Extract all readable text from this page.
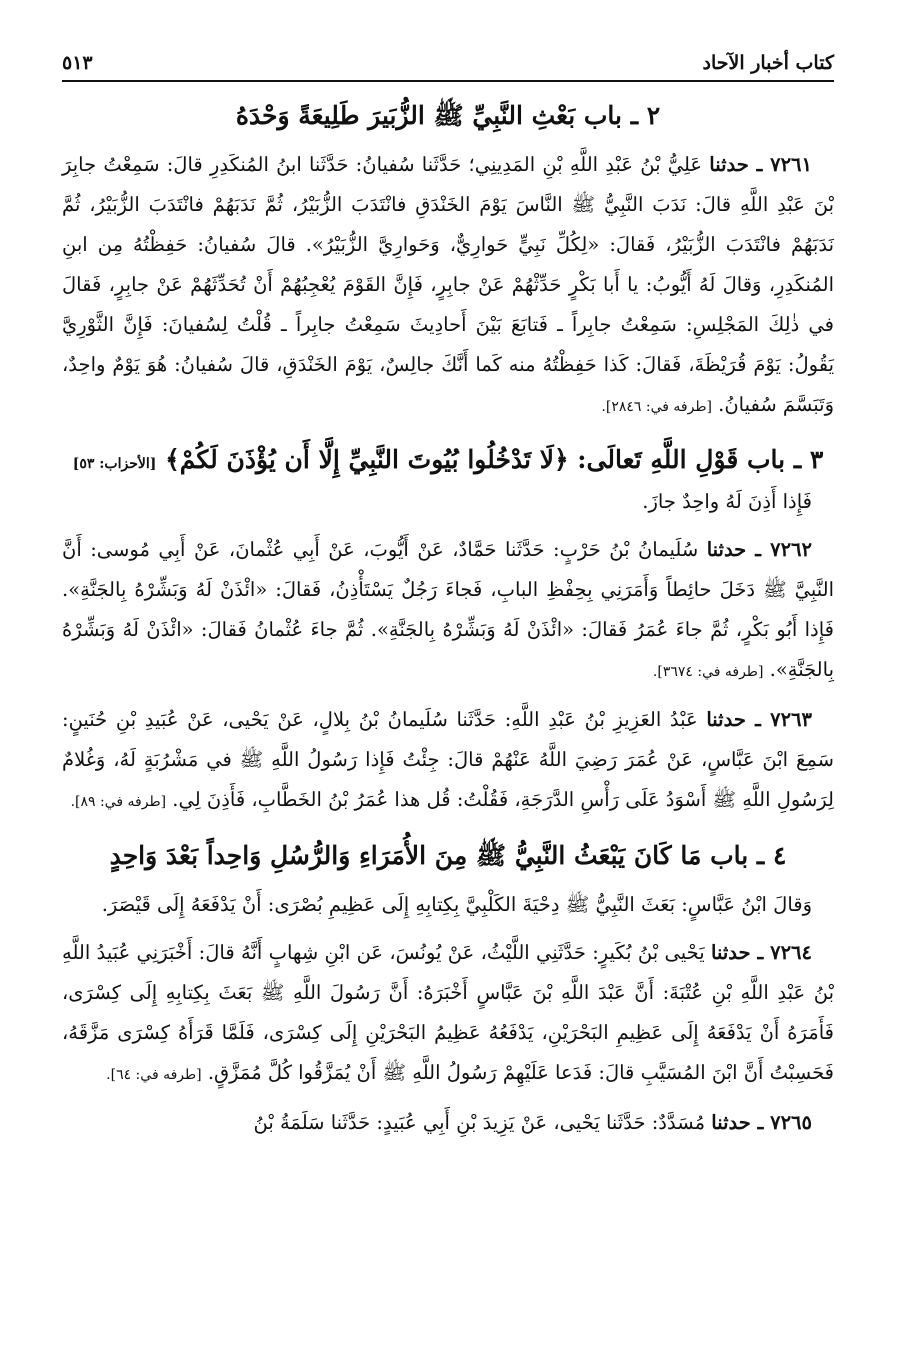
كتاب أخبار الآحاد
٥١٣
٢ ـ باب بَعْثِ النَّبِيِّ ﷺ الزُّبَيرَ طَلِيعَةً وَحْدَهُ

٧٢٦١ ـ حدثنا عَلِيُّ بْنُ عَبْدِ اللَّهِ بْنِ المَدِينِي؛ حَدَّثَنا سُفيانُ: حَدَّثَنا ابنُ المُنكَدِرِ قالَ: سَمِعْتُ جابِرَ بْنَ عَبْدِ اللَّهِ قالَ: نَدَبَ النَّبِيُّ ﷺ النَّاسَ يَوْمَ الخَنْدَقِ فانْتَدَبَ الزُّبَيْرُ، ثُمَّ نَدَبَهُمْ فانْتَدَبَ الزُّبَيْرُ، ثُمَّ نَدَبَهُمْ فانْتَدَبَ الزُّبَيْرُ، فَقالَ: «لِكُلِّ نَبِيٍّ حَوارِيٌّ، وَحَوارِيَّ الزُّبَيْرُ». قالَ سُفيانُ: حَفِظْتُهُ مِن ابنِ المُنكَدِرِ، وَقالَ لَهُ أَيُّوبُ: يا أَبا بَكْرٍ حَدِّثْهُمْ عَنْ جابِرٍ، فَإِنَّ القَوْمَ يُعْجِبُهُمْ أَنْ تُحَدِّثَهُمْ عَنْ جابِرٍ، فَقالَ في ذٰلِكَ المَجْلِسِ: سَمِعْتُ جابِراً ـ فَتابَعَ بَيْنَ أَحادِيثَ سَمِعْتُ جابِراً ـ قُلْتُ لِسُفيانَ: فَإِنَّ الثَّوْرِيَّ يَقُولُ: يَوْمَ قُرَيْظَةَ، فَقالَ: كَذا حَفِظْتُهُ منه كَما أَنَّكَ جالِسٌ، يَوْمَ الخَنْدَقِ، قالَ سُفيانُ: هُوَ يَوْمٌ واحِدٌ، وَتَبَسَّمَ سُفيانُ. [طرفه في: ٢٨٤٦].

٣ ـ باب قَوْلِ اللَّهِ تَعالَى: ﴿لَا تَدْخُلُوا بُيُوتَ النَّبِيِّ إِلَّا أَن يُؤْذَنَ لَكُمْ﴾ [الأحزاب: ٥٣]

فَإِذا أَذِنَ لَهُ واحِدٌ جازَ.

٧٢٦٢ ـ حدثنا سُلَيمانُ بْنُ حَرْبٍ: حَدَّثَنا حَمَّادٌ، عَنْ أَيُّوبَ، عَنْ أَبِي عُثْمانَ، عَنْ أَبِي مُوسى: أَنَّ النَّبِيَّ ﷺ دَخَلَ حائِطاً وَأَمَرَنِي بِحِفْظِ البابِ، فَجاءَ رَجُلٌ يَسْتَأْذِنُ، فَقالَ: «ائْذَنْ لَهُ وَبَشِّرْهُ بِالجَنَّةِ». فَإِذا أَبُو بَكْرٍ، ثُمَّ جاءَ عُمَرُ فَقالَ: «ائْذَنْ لَهُ وَبَشِّرْهُ بِالجَنَّةِ». ثُمَّ جاءَ عُثْمانُ فَقالَ: «ائْذَنْ لَهُ وَبَشِّرْهُ بِالجَنَّةِ». [طرفه في: ٣٦٧٤].

٧٢٦٣ ـ حدثنا عَبْدُ العَزِيزِ بْنُ عَبْدِ اللَّهِ: حَدَّثَنا سُلَيمانُ بْنُ بِلالٍ، عَنْ يَحْيى، عَنْ عُبَيدِ بْنِ حُنَينٍ: سَمِعَ ابْنَ عَبَّاسٍ، عَنْ عُمَرَ رَضِيَ اللَّهُ عَنْهُمْ قالَ: جِئْتُ فَإِذا رَسُولُ اللَّهِ ﷺ في مَشْرُبَةٍ لَهُ، وَغُلامٌ لِرَسُولِ اللَّهِ ﷺ أَسْوَدُ عَلَى رَأْسِ الدَّرَجَةِ، فَقُلْتُ: قُل هذا عُمَرُ بْنُ الخَطَّابِ، فَأَذِنَ لِي. [طرفه في: ٨٩].

٤ ـ باب مَا كَانَ يَبْعَثُ النَّبِيُّ ﷺ مِنَ الأُمَرَاءِ وَالرُّسُلِ وَاحِداً بَعْدَ وَاحِدٍ

وَقالَ ابْنُ عَبَّاسٍ: بَعَثَ النَّبِيُّ ﷺ دِحْيَةَ الكَلْبِيَّ بِكِتابِهِ إِلَى عَظِيمِ بُصْرَى: أَنْ يَدْفَعَهُ إِلَى قَيْصَرَ.

٧٢٦٤ ـ حدثنا يَحْيى بْنُ بُكَيرٍ: حَدَّثَنِي اللَّيْثُ، عَنْ يُونُسَ، عَن ابْنِ شِهابٍ أَنَّهُ قالَ: أَخْبَرَنِي عُبَيدُ اللَّهِ بْنُ عَبْدِ اللَّهِ بْنِ عُتْبَةَ: أَنَّ عَبْدَ اللَّهِ بْنَ عَبَّاسٍ أَخْبَرَهُ: أَنَّ رَسُولَ اللَّهِ ﷺ بَعَثَ بِكِتابِهِ إِلَى كِسْرَى، فَأَمَرَهُ أَنْ يَدْفَعَهُ إِلَى عَظِيمِ البَحْرَيْنِ، يَدْفَعُهُ عَظِيمُ البَحْرَيْنِ إِلَى كِسْرَى، فَلَمَّا قَرَأَهُ كِسْرَى مَزَّقَهُ، فَحَسِبْتُ أَنَّ ابْنَ المُسَيَّبِ قالَ: فَدَعا عَلَيْهِمْ رَسُولُ اللَّهِ ﷺ أَنْ يُمَزَّقُوا كُلَّ مُمَزَّقٍ. [طرفه في: ٦٤].

٧٢٦٥ ـ حدثنا مُسَدَّدٌ: حَدَّثَنا يَحْيى، عَنْ يَزِيدَ بْنِ أَبِي عُبَيدٍ: حَدَّثَنا سَلَمَةُ بْنُ
